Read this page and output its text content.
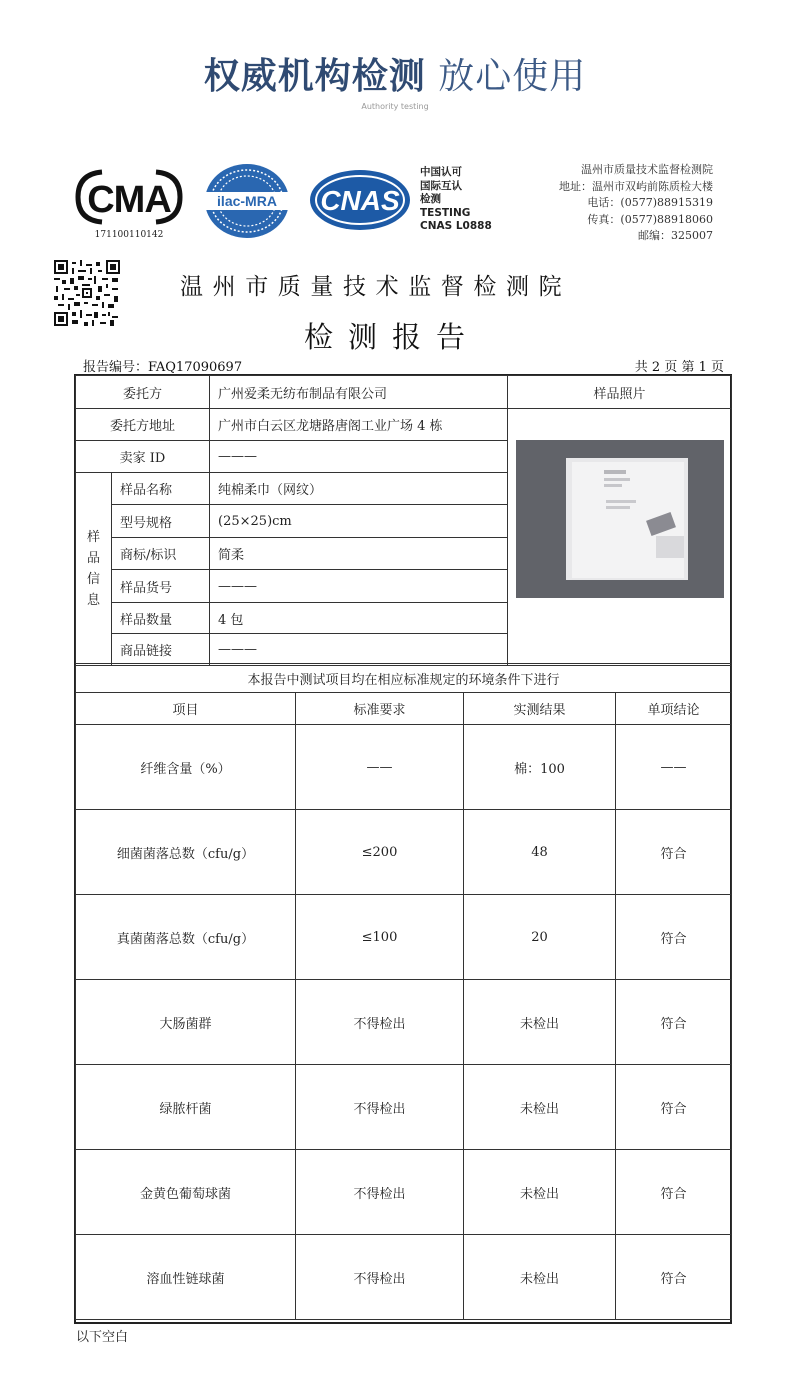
权威机构检测 放心使用
Authority testing
CMA
171100110142
ilac-MRA CNAS
中国认可
国际互认
检测
TESTING
CNAS L0888
温州市质量技术监督检测院
地址：温州市双屿前陈质检大楼
电话：(0577)88915319
传真：(0577)88918060
邮编：325007
温州市质量技术监督检测院
检测报告
报告编号：FAQ17090697	共 2 页 第 1 页
委托方		广州爱柔无纺布制品有限公司	样品照片	
委托方地址		广州市白云区龙塘路唐阁工业广场 4 栋	

卖家 ID		———		
样品信息	样品名称	纯棉柔巾（网纹）		
	型号规格	(25×25)cm		
	商标/标识	简柔		
	样品货号	———		
	样品数量	4 包		
	商品链接	———		
本报告中测试项目均在相应标准规定的环境条件下进行			
项目	标准要求	实测结果	单项结论
纤维含量（%）	——	棉：100	——
细菌菌落总数（cfu/g）	≤200	48	符合
真菌菌落总数（cfu/g）	≤100	20	符合
大肠菌群	不得检出	未检出	符合
绿脓杆菌	不得检出	未检出	符合
金黄色葡萄球菌	不得检出	未检出	符合
溶血性链球菌	不得检出	未检出	符合
以下空白
